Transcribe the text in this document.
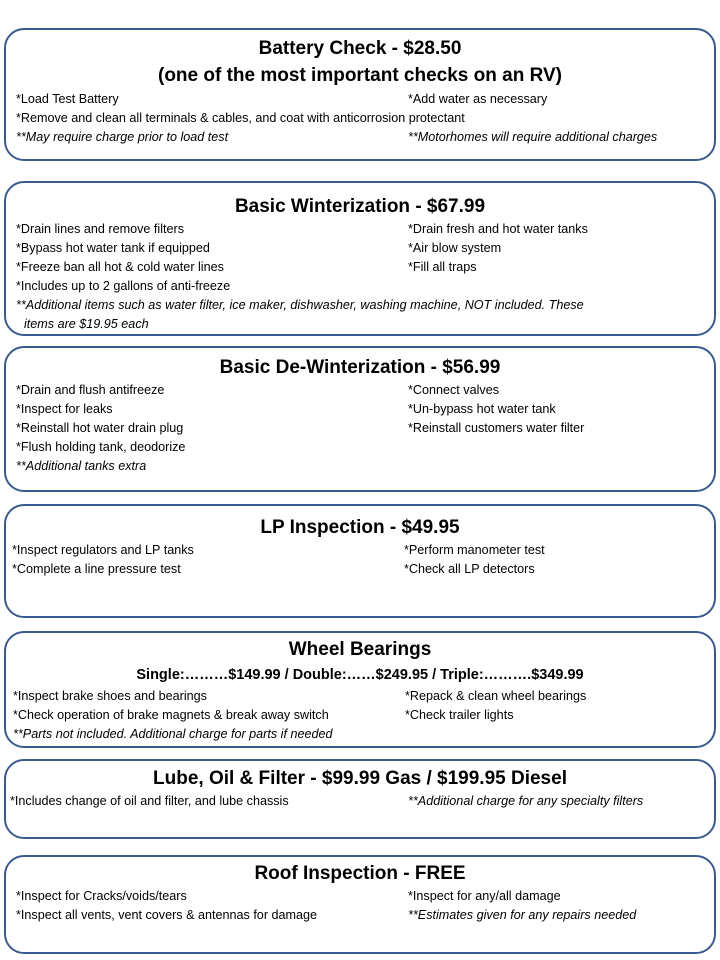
Battery Check - $28.50
(one of the most important checks on an RV)
*Load Test Battery	*Add water as necessary
*Remove and clean all terminals & cables, and coat with anticorrosion protectant
**May require charge prior to load test	**Motorhomes will require additional charges
Basic Winterization - $67.99
*Drain lines and remove filters	*Drain fresh and hot water tanks
*Bypass hot water tank if equipped	*Air blow system
*Freeze ban all hot & cold water lines	*Fill all traps
*Includes up to 2 gallons of anti-freeze
**Additional items such as water filter, ice maker, dishwasher, washing machine, NOT included. These
items are $19.95 each
Basic De-Winterization - $56.99
*Drain and flush antifreeze	*Connect valves
*Inspect for leaks	*Un-bypass hot water tank
*Reinstall hot water drain plug	*Reinstall customers water filter
*Flush holding tank, deodorize
**Additional tanks extra
LP Inspection - $49.95
*Inspect regulators and LP tanks	*Perform manometer test
*Complete a line pressure test	*Check all LP detectors
Wheel Bearings
Single:………$149.99 / Double:……$249.95 / Triple:……….$349.99
*Inspect brake shoes and bearings	*Repack & clean wheel bearings
*Check operation of brake magnets & break away switch	*Check trailer lights
**Parts not included. Additional charge for parts if needed
Lube, Oil & Filter - $99.99 Gas / $199.95 Diesel
*Includes change of oil and filter, and lube chassis	**Additional charge for any specialty filters
Roof Inspection - FREE
*Inspect for Cracks/voids/tears	*Inspect for any/all damage
*Inspect all vents, vent covers & antennas for damage	**Estimates given for any repairs needed
